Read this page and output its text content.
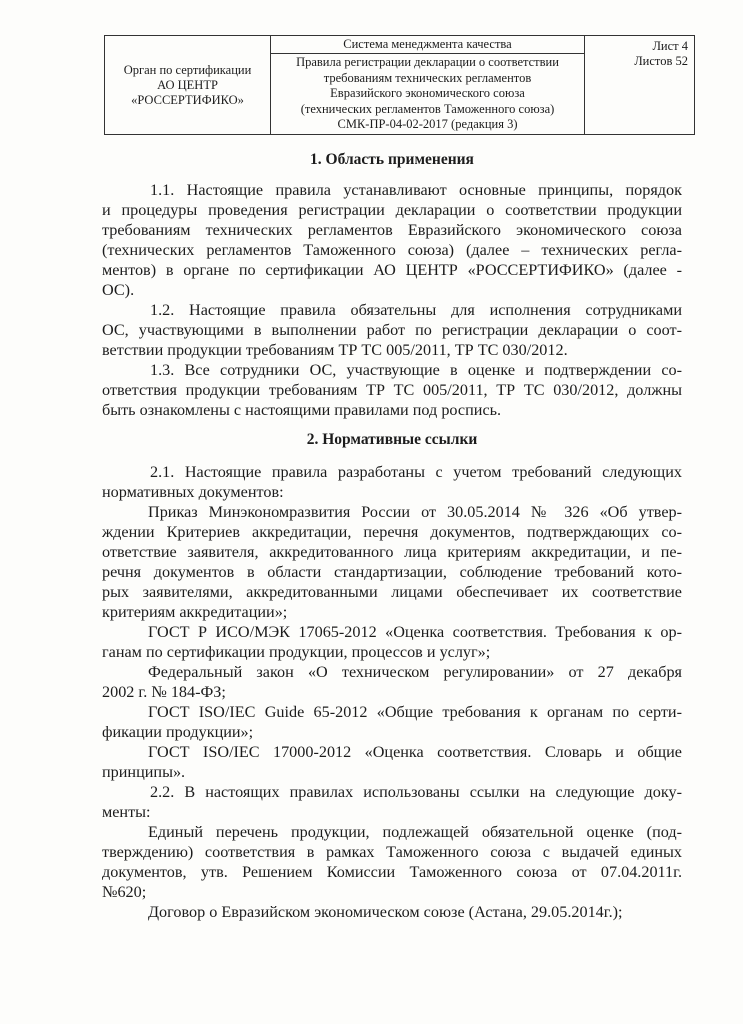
Орган по сертификации
АО ЦЕНТР
«РОССЕРТИФИКО»
Система менеджмента качества
Правила регистрации декларации о соответствии
требованиям технических регламентов
Евразийского экономического союза
(технических регламентов Таможенного союза)
СМК-ПР-04-02-2017 (редакция 3)
Лист 4
Листов 52
1. Область применения
1.1. Настоящие правила устанавливают основные принципы, порядок
и процедуры проведения регистрации декларации о соответствии продукции
требованиям технических регламентов Евразийского экономического союза
(технических регламентов Таможенного союза) (далее – технических регла-
ментов) в органе по сертификации АО ЦЕНТР «РОССЕРТИФИКО» (далее -
ОС).
1.2. Настоящие правила обязательны для исполнения сотрудниками
ОС, участвующими в выполнении работ по регистрации декларации о соот-
ветствии продукции требованиям ТР ТС 005/2011, ТР ТС 030/2012.
1.3. Все сотрудники ОС, участвующие в оценке и подтверждении со-
ответствия продукции требованиям ТР ТС 005/2011, ТР ТС 030/2012, должны
быть ознакомлены с настоящими правилами под роспись.
2. Нормативные ссылки
2.1. Настоящие правила разработаны с учетом требований следующих
нормативных документов:
Приказ Минэкономразвития России от 30.05.2014 № 326 «Об утвер-
ждении Критериев аккредитации, перечня документов, подтверждающих со-
ответствие заявителя, аккредитованного лица критериям аккредитации, и пе-
речня документов в области стандартизации, соблюдение требований кото-
рых заявителями, аккредитованными лицами обеспечивает их соответствие
критериям аккредитации»;
ГОСТ Р ИСО/МЭК 17065-2012 «Оценка соответствия. Требования к ор-
ганам по сертификации продукции, процессов и услуг»;
Федеральный закон «О техническом регулировании» от 27 декабря
2002 г. № 184-ФЗ;
ГОСТ ISO/IEC Guide 65-2012 «Общие требования к органам по серти-
фикации продукции»;
ГОСТ ISO/IEC 17000-2012 «Оценка соответствия. Словарь и общие
принципы».
2.2. В настоящих правилах использованы ссылки на следующие доку-
менты:
Единый перечень продукции, подлежащей обязательной оценке (под-
тверждению) соответствия в рамках Таможенного союза с выдачей единых
документов, утв. Решением Комиссии Таможенного союза от 07.04.2011г.
№620;
Договор о Евразийском экономическом союзе (Астана, 29.05.2014г.);
